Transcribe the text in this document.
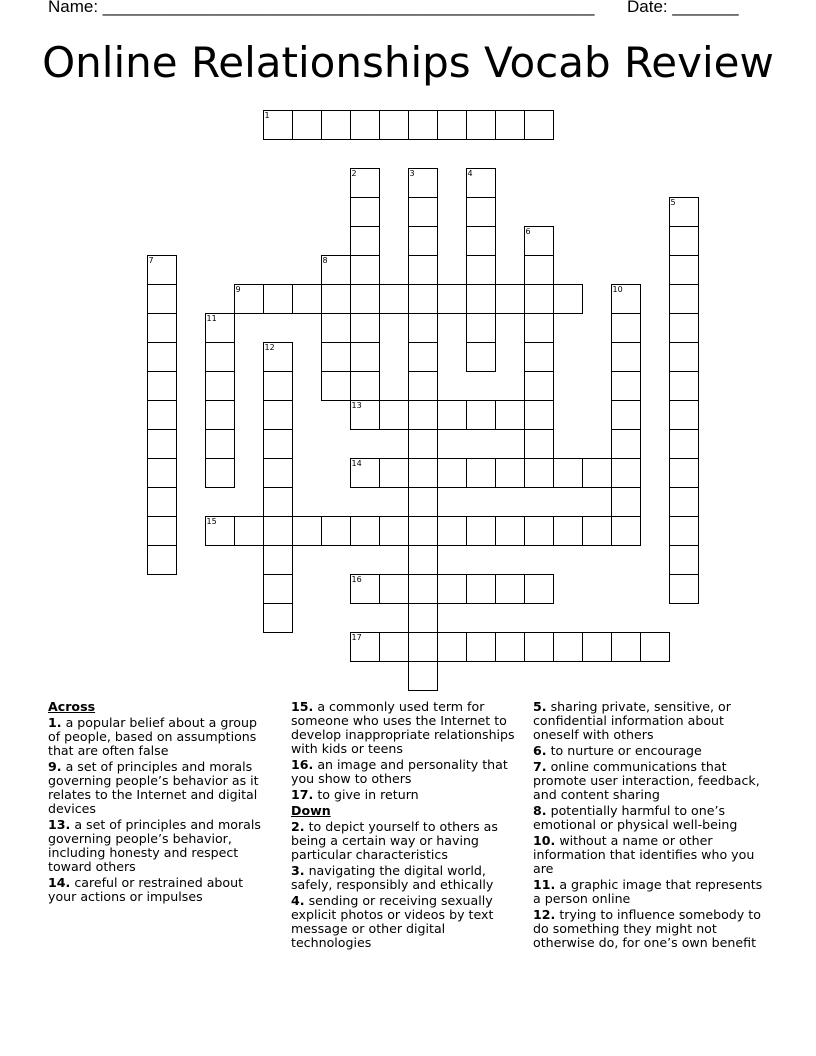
Name: ____________________________________________________ Date: _______
Online Relationships Vocab Review
1
2	3	4
5
6
7	8
9	10
11
12
13
14
15
16
17
Across
1. a popular belief about a group of people, based on assumptions that are often false
9. a set of principles and morals governing people’s behavior as it relates to the Internet and digital devices
13. a set of principles and morals governing people’s behavior, including honesty and respect toward others
14. careful or restrained about your actions or impulses
15. a commonly used term for someone who uses the Internet to develop inappropriate relationships with kids or teens
16. an image and personality that you show to others
17. to give in return
Down
2. to depict yourself to others as being a certain way or having particular characteristics
3. navigating the digital world, safely, responsibly and ethically
4. sending or receiving sexually explicit photos or videos by text message or other digital technologies
5. sharing private, sensitive, or confidential information about oneself with others
6. to nurture or encourage
7. online communications that promote user interaction, feedback, and content sharing
8. potentially harmful to one’s emotional or physical well-being
10. without a name or other information that identifies who you are
11. a graphic image that represents a person online
12. trying to influence somebody to do something they might not otherwise do, for one’s own benefit
